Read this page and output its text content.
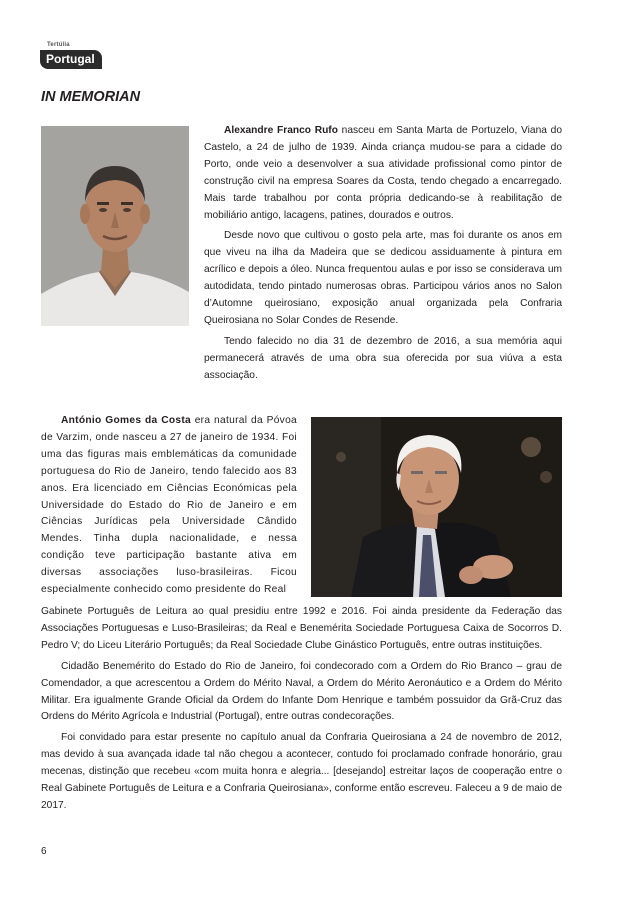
Tertúlia
Portugal
IN MEMORIAN

Alexandre Franco Rufo nasceu em Santa Marta de Portuzelo, Viana do Castelo, a 24 de julho de 1939. Ainda criança mudou-se para a cidade do Porto, onde veio a desenvolver a sua atividade profissional como pintor de construção civil na empresa Soares da Costa, tendo chegado a encarregado. Mais tarde trabalhou por conta própria dedicando-se à reabilitação de mobiliário antigo, lacagens, patines, dourados e outros.

Desde novo que cultivou o gosto pela arte, mas foi durante os anos em que viveu na ilha da Madeira que se dedicou assiduamente à pintura em acrílico e depois a óleo. Nunca frequentou aulas e por isso se considerava um autodidata, tendo pintado numerosas obras. Participou vários anos no Salon d’Automne queirosiano, exposição anual organizada pela Confraria Queirosiana no Solar Condes de Resende.

Tendo falecido no dia 31 de dezembro de 2016, a sua memória aqui permanecerá através de uma obra sua oferecida por sua viúva a esta associação.

António Gomes da Costa era natural da Póvoa de Varzim, onde nasceu a 27 de janeiro de 1934. Foi uma das figuras mais emblemáticas da comunidade portuguesa do Rio de Janeiro, tendo falecido aos 83 anos. Era licenciado em Ciências Económicas pela Universidade do Estado do Rio de Janeiro e em Ciências Jurídicas pela Universidade Cândido Mendes. Tinha dupla nacionalidade, e nessa condição teve participação bastante ativa em diversas associações luso-brasileiras. Ficou especialmente conhecido como presidente do Real

Gabinete Português de Leitura ao qual presidiu entre 1992 e 2016. Foi ainda presidente da Federação das Associações Portuguesas e Luso-Brasileiras; da Real e Benemérita Sociedade Portuguesa Caixa de Socorros D. Pedro V; do Liceu Literário Português; da Real Sociedade Clube Ginástico Português, entre outras instituições.

Cidadão Benemérito do Estado do Rio de Janeiro, foi condecorado com a Ordem do Rio Branco – grau de Comendador, a que acrescentou a Ordem do Mérito Naval, a Ordem do Mérito Aeronáutico e a Ordem do Mérito Militar. Era igualmente Grande Oficial da Ordem do Infante Dom Henrique e também possuidor da Grã-Cruz das Ordens do Mérito Agrícola e Industrial (Portugal), entre outras condecorações.

Foi convidado para estar presente no capítulo anual da Confraria Queirosiana a 24 de novembro de 2012, mas devido à sua avançada idade tal não chegou a acontecer, contudo foi proclamado confrade honorário, grau mecenas, distinção que recebeu «com muita honra e alegria... [desejando] estreitar laços de cooperação entre o Real Gabinete Português de Leitura e a Confraria Queirosiana», conforme então escreveu. Faleceu a 9 de maio de 2017.

6
